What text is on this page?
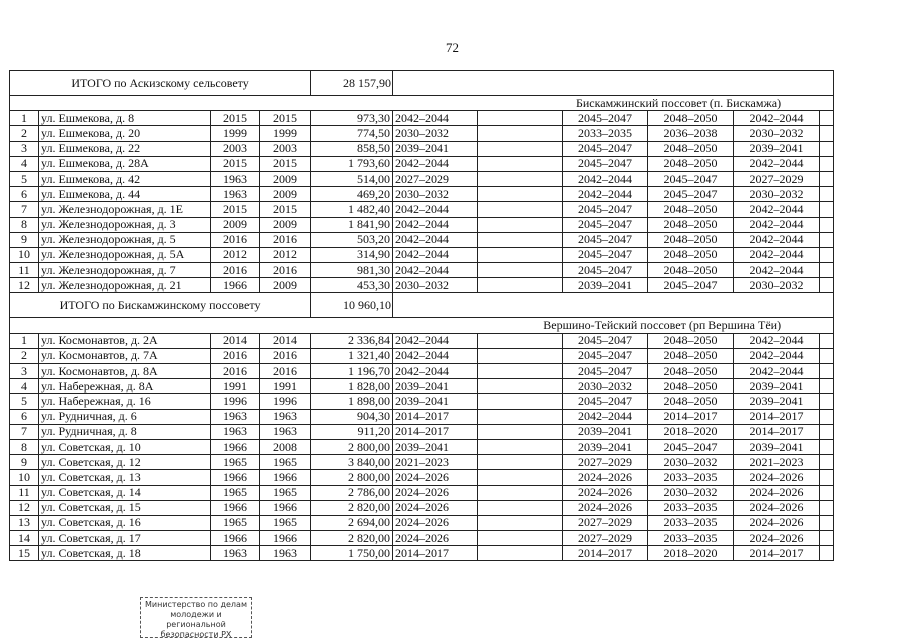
72
ИТОГО по Аскизскому сельсовету				28 157,90						
Бискамжинский поссовет (п. Бискамжа)										
1	ул. Ешмекова, д. 8	2015	2015	973,30	2042–2044		2045–2047	2048–2050	2042–2044	
2	ул. Ешмекова, д. 20	1999	1999	774,50	2030–2032		2033–2035	2036–2038	2030–2032	
3	ул. Ешмекова, д. 22	2003	2003	858,50	2039–2041		2045–2047	2048–2050	2039–2041	
4	ул. Ешмекова, д. 28А	2015	2015	1 793,60	2042–2044		2045–2047	2048–2050	2042–2044	
5	ул. Ешмекова, д. 42	1963	2009	514,00	2027–2029		2042–2044	2045–2047	2027–2029	
6	ул. Ешмекова, д. 44	1963	2009	469,20	2030–2032		2042–2044	2045–2047	2030–2032	
7	ул. Железнодорожная, д. 1Е	2015	2015	1 482,40	2042–2044		2045–2047	2048–2050	2042–2044	
8	ул. Железнодорожная, д. 3	2009	2009	1 841,90	2042–2044		2045–2047	2048–2050	2042–2044	
9	ул. Железнодорожная, д. 5	2016	2016	503,20	2042–2044		2045–2047	2048–2050	2042–2044	
10	ул. Железнодорожная, д. 5А	2012	2012	314,90	2042–2044		2045–2047	2048–2050	2042–2044	
11	ул. Железнодорожная, д. 7	2016	2016	981,30	2042–2044		2045–2047	2048–2050	2042–2044	
12	ул. Железнодорожная, д. 21	1966	2009	453,30	2030–2032		2039–2041	2045–2047	2030–2032	
ИТОГО по Бискамжинскому поссовету				10 960,10						
Вершино-Тейский поссовет (рп Вершина Тёи)										
1	ул. Космонавтов, д. 2А	2014	2014	2 336,84	2042–2044		2045–2047	2048–2050	2042–2044	
2	ул. Космонавтов, д. 7А	2016	2016	1 321,40	2042–2044		2045–2047	2048–2050	2042–2044	
3	ул. Космонавтов, д. 8А	2016	2016	1 196,70	2042–2044		2045–2047	2048–2050	2042–2044	
4	ул. Набережная, д. 8А	1991	1991	1 828,00	2039–2041		2030–2032	2048–2050	2039–2041	
5	ул. Набережная, д. 16	1996	1996	1 898,00	2039–2041		2045–2047	2048–2050	2039–2041	
6	ул. Рудничная, д. 6	1963	1963	904,30	2014–2017		2042–2044	2014–2017	2014–2017	
7	ул. Рудничная, д. 8	1963	1963	911,20	2014–2017		2039–2041	2018–2020	2014–2017	
8	ул. Советская, д. 10	1966	2008	2 800,00	2039–2041		2039–2041	2045–2047	2039–2041	
9	ул. Советская, д. 12	1965	1965	3 840,00	2021–2023		2027–2029	2030–2032	2021–2023	
10	ул. Советская, д. 13	1966	1966	2 800,00	2024–2026		2024–2026	2033–2035	2024–2026	
11	ул. Советская, д. 14	1965	1965	2 786,00	2024–2026		2024–2026	2030–2032	2024–2026	
12	ул. Советская, д. 15	1966	1966	2 820,00	2024–2026		2024–2026	2033–2035	2024–2026	
13	ул. Советская, д. 16	1965	1965	2 694,00	2024–2026		2027–2029	2033–2035	2024–2026	
14	ул. Советская, д. 17	1966	1966	2 820,00	2024–2026		2027–2029	2033–2035	2024–2026	
15	ул. Советская, д. 18	1963	1963	1 750,00	2014–2017		2014–2017	2018–2020	2014–2017	
Министерство по делам
молодежи и региональной
безопасности РХ
